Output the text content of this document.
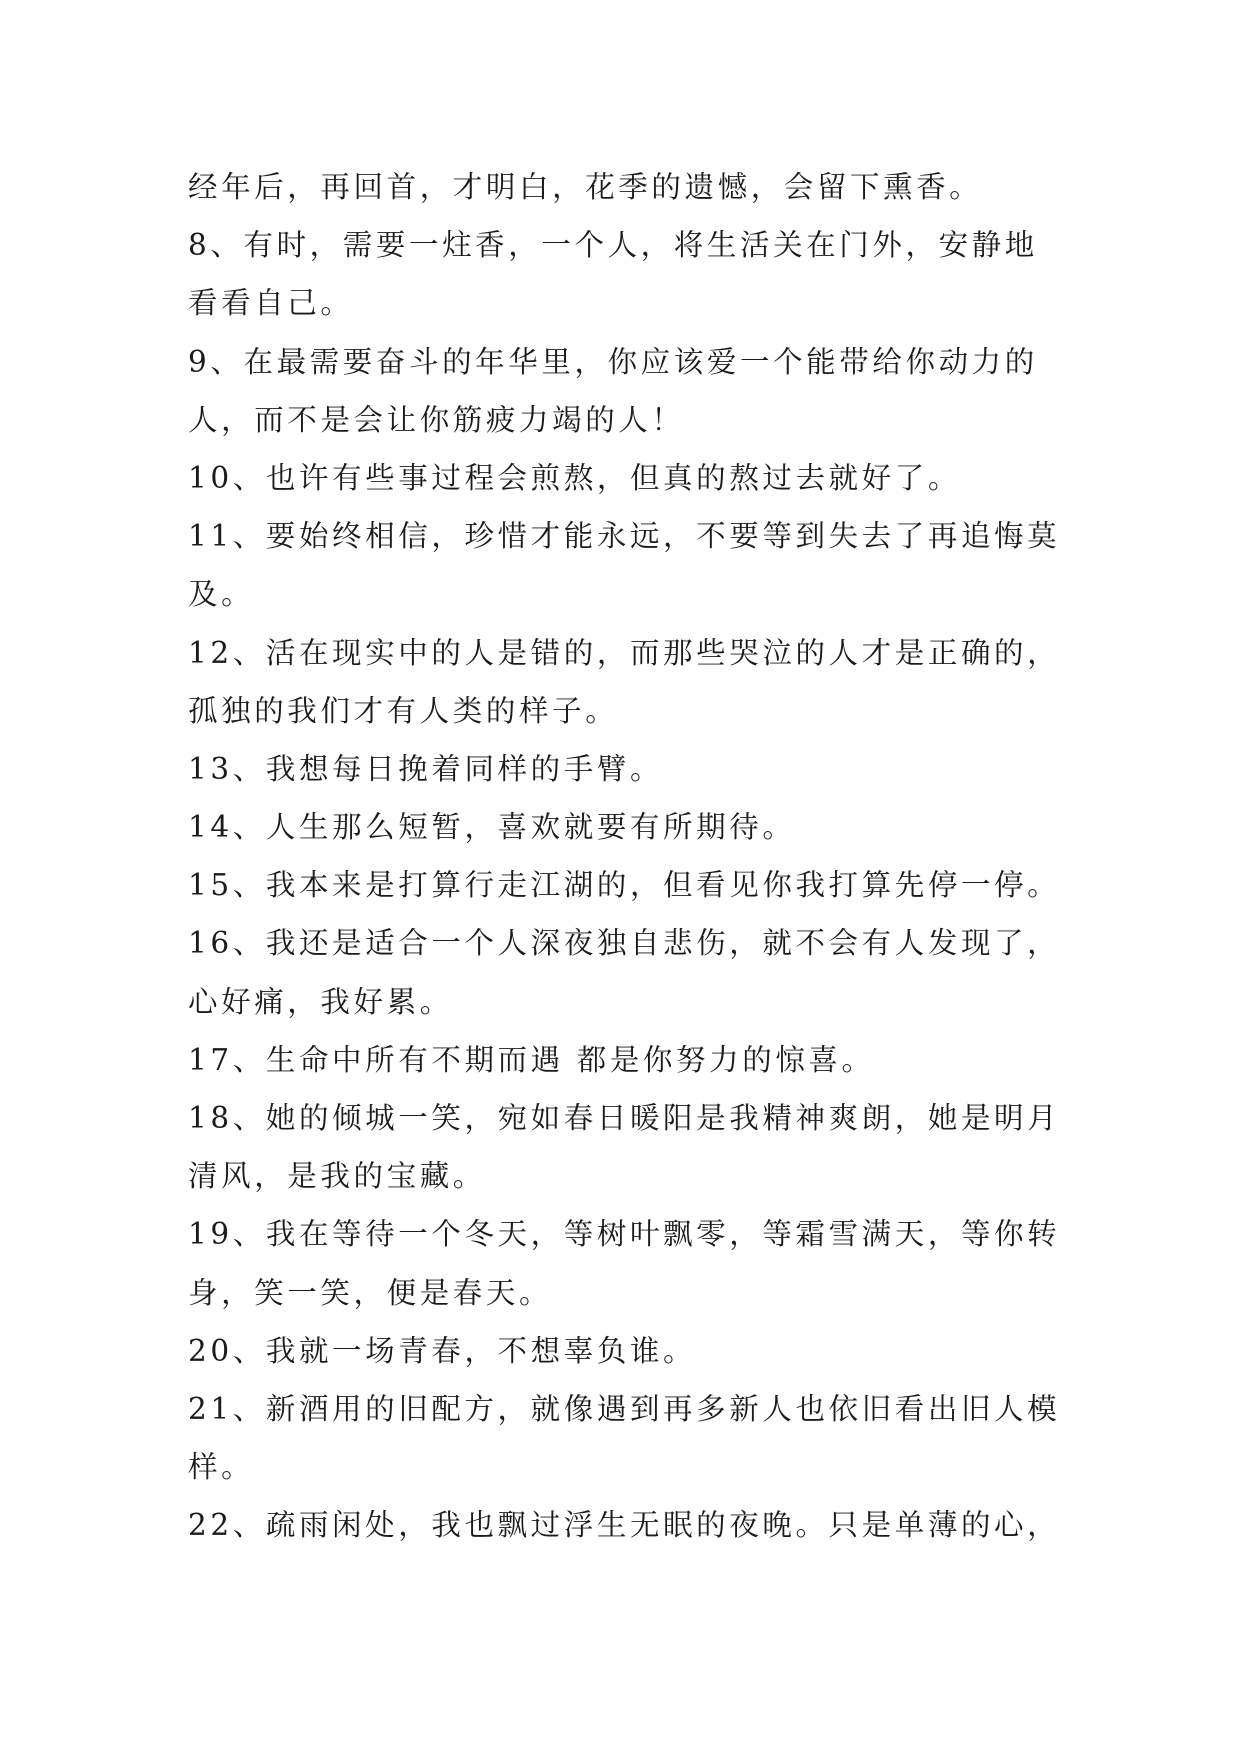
经年后，再回首，才明白，花季的遗憾，会留下熏香。
8、有时，需要一炷香，一个人，将生活关在门外，安静地
看看自己。
9、在最需要奋斗的年华里，你应该爱一个能带给你动力的
人，而不是会让你筋疲力竭的人！
10、也许有些事过程会煎熬，但真的熬过去就好了。
11、要始终相信，珍惜才能永远，不要等到失去了再追悔莫
及。
12、活在现实中的人是错的，而那些哭泣的人才是正确的，
孤独的我们才有人类的样子。
13、我想每日挽着同样的手臂。
14、人生那么短暂，喜欢就要有所期待。
15、我本来是打算行走江湖的，但看见你我打算先停一停。
16、我还是适合一个人深夜独自悲伤，就不会有人发现了，
心好痛，我好累。
17、生命中所有不期而遇 都是你努力的惊喜。
18、她的倾城一笑，宛如春日暖阳是我精神爽朗，她是明月
清风，是我的宝藏。
19、我在等待一个冬天，等树叶飘零，等霜雪满天，等你转
身，笑一笑，便是春天。
20、我就一场青春，不想辜负谁。
21、新酒用的旧配方，就像遇到再多新人也依旧看出旧人模
样。
22、疏雨闲处，我也飘过浮生无眠的夜晚。只是单薄的心，
